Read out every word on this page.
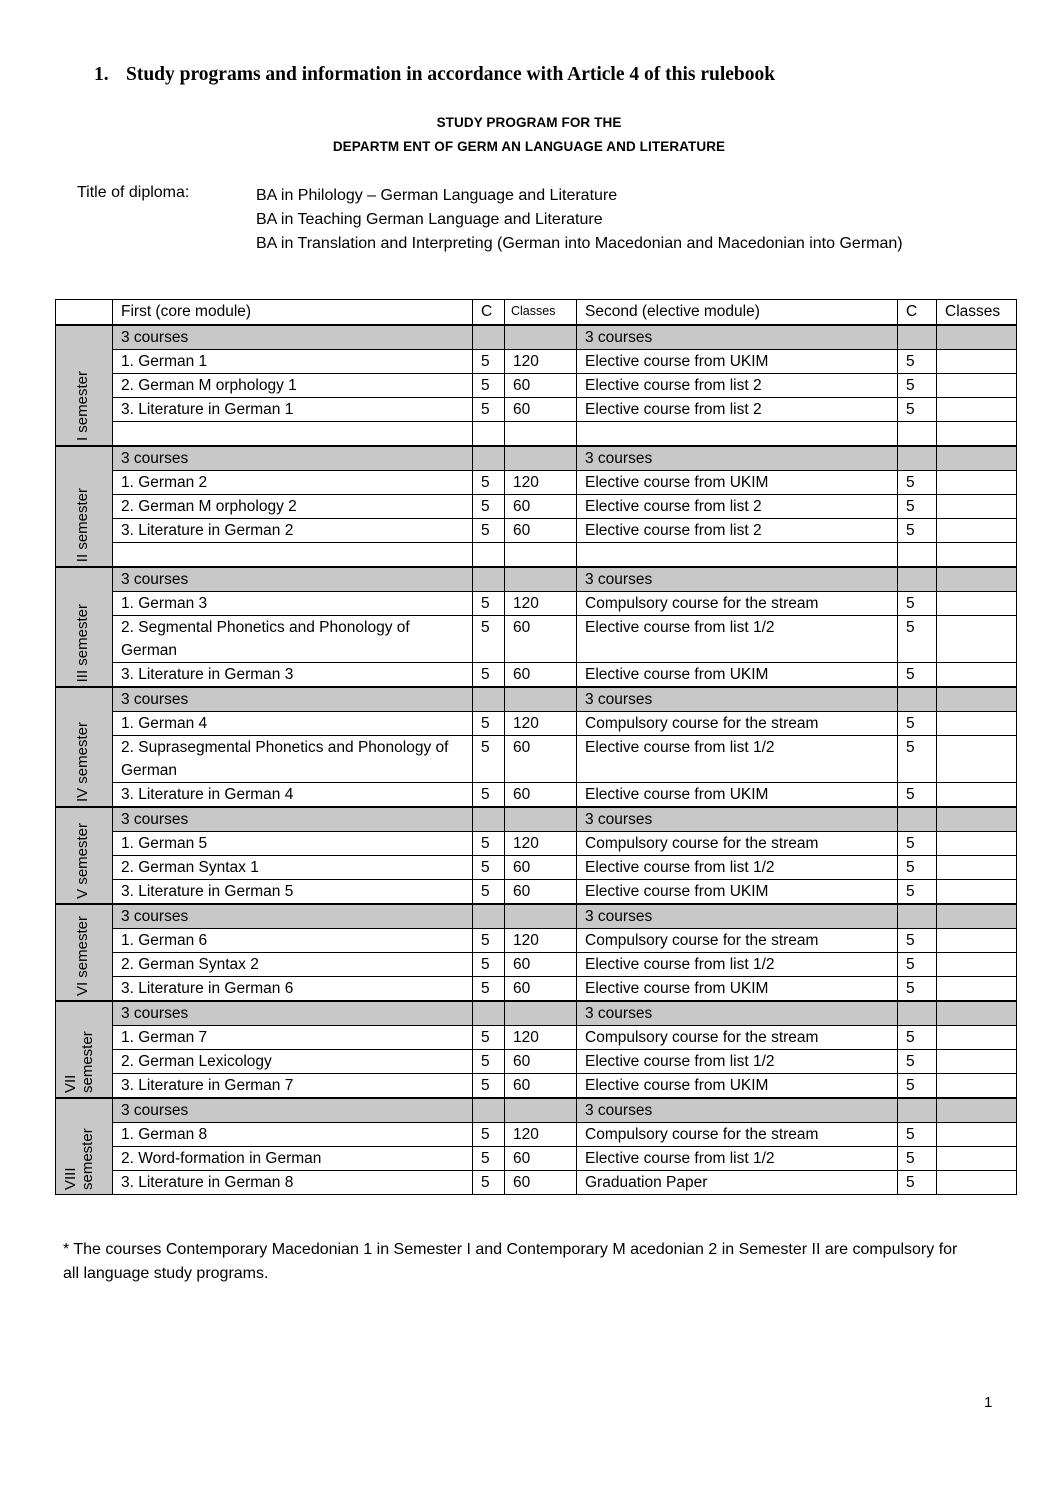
1. Study programs and information in accordance with Article 4 of this rulebook
STUDY PROGRAM FOR THE
DEPARTM ENT OF GERM AN LANGUAGE AND LITERATURE
Title of diploma:	BA in Philology – German Language and Literature
BA in Teaching German Language and Literature
BA in Translation and Interpreting (German into Macedonian and Macedonian into German)
	First (core module)	C	Classes	Second (elective module)	C	Classes

I semester	3 courses			3 courses		
	1. German 1	5	120	Elective course from UKIM	5	
	2. German M orphology 1	5	60	Elective course from list 2	5	
	3. Literature in German 1	5	60	Elective course from list 2	5	

II semester	3 courses			3 courses		
	1. German 2	5	120	Elective course from UKIM	5	
	2. German M orphology 2	5	60	Elective course from list 2	5	
	3. Literature in German 2	5	60	Elective course from list 2	5	

III semester	3 courses			3 courses		
	1. German 3	5	120	Compulsory course for the stream	5	
	2. Segmental Phonetics and Phonology of German	5	60	Elective course from list 1/2	5	
	3. Literature in German 3	5	60	Elective course from UKIM	5	

IV semester	3 courses			3 courses		
	1. German 4	5	120	Compulsory course for the stream	5	
	2. Suprasegmental Phonetics and Phonology of German	5	60	Elective course from list 1/2	5	
	3. Literature in German 4	5	60	Elective course from UKIM	5	

V semester	3 courses			3 courses		
	1. German 5	5	120	Compulsory course for the stream	5	
	2. German Syntax 1	5	60	Elective course from list 1/2	5	
	3. Literature in German 5	5	60	Elective course from UKIM	5	

VI semester	3 courses			3 courses		
	1. German 6	5	120	Compulsory course for the stream	5	
	2. German Syntax 2	5	60	Elective course from list 1/2	5	
	3. Literature in German 6	5	60	Elective course from UKIM	5	

VII semester	3 courses			3 courses		
	1. German 7	5	120	Compulsory course for the stream	5	
	2. German Lexicology	5	60	Elective course from list 1/2	5	
	3. Literature in German 7	5	60	Elective course from UKIM	5	

VIII semester	3 courses			3 courses		
	1. German 8	5	120	Compulsory course for the stream	5	
	2. Word-formation in German	5	60	Elective course from list 1/2	5	
	3. Literature in German 8	5	60	Graduation Paper	5	
* The courses Contemporary Macedonian 1 in Semester I and Contemporary M acedonian 2 in Semester II are compulsory for all language study programs.
1
